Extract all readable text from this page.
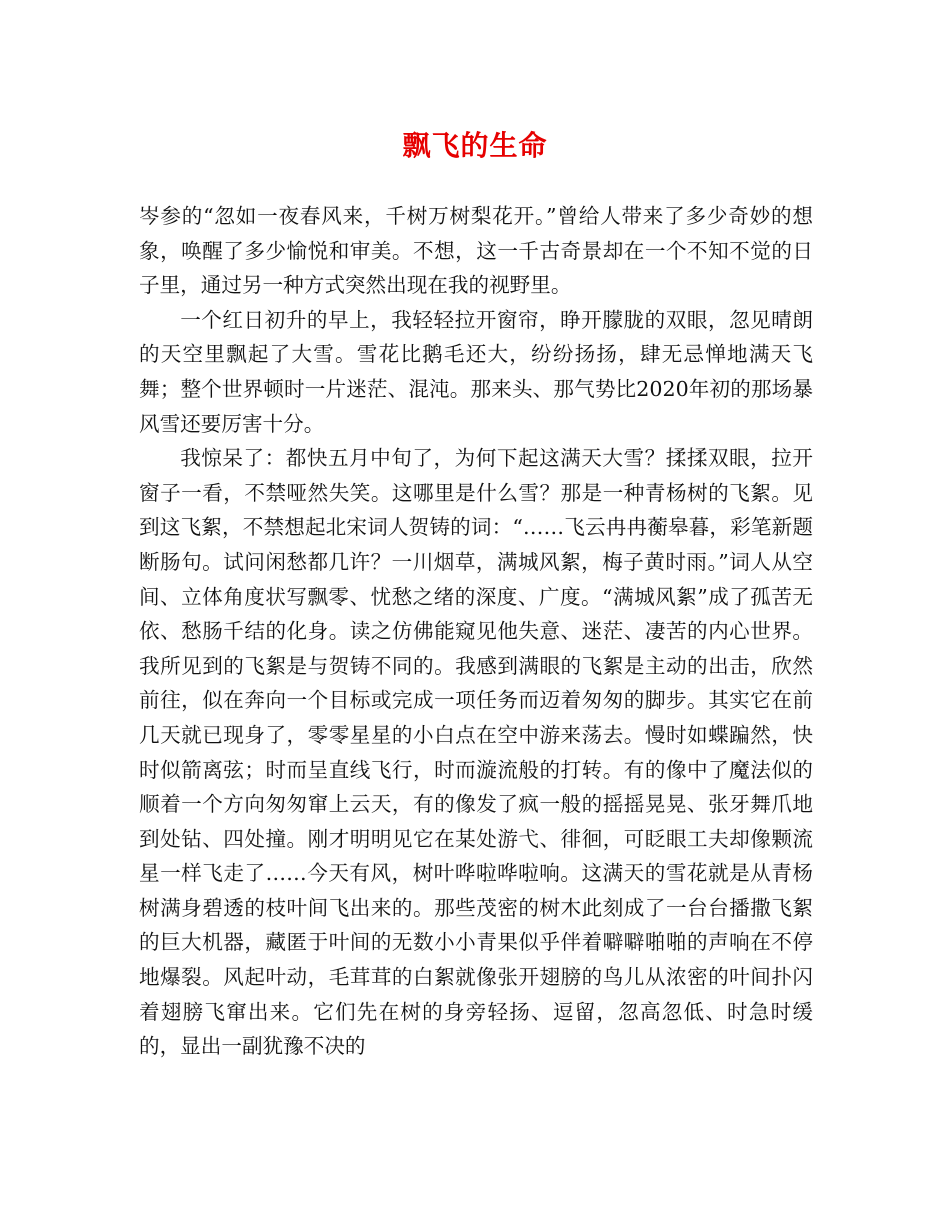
飘飞的生命

岑参的“忽如一夜春风来，千树万树梨花开。”曾给人带来了多少奇妙的想象，唤醒了多少愉悦和审美。不想，这一千古奇景却在一个不知不觉的日子里，通过另一种方式突然出现在我的视野里。

一个红日初升的早上，我轻轻拉开窗帘，睁开朦胧的双眼，忽见晴朗的天空里飘起了大雪。雪花比鹅毛还大，纷纷扬扬，肆无忌惮地满天飞舞；整个世界顿时一片迷茫、混沌。那来头、那气势比2020年初的那场暴风雪还要厉害十分。

我惊呆了：都快五月中旬了，为何下起这满天大雪？揉揉双眼，拉开窗子一看，不禁哑然失笑。这哪里是什么雪？那是一种青杨树的飞絮。见到这飞絮，不禁想起北宋词人贺铸的词：“……飞云冉冉蘅皋暮，彩笔新题断肠句。试问闲愁都几许？一川烟草，满城风絮，梅子黄时雨。”词人从空间、立体角度状写飘零、忧愁之绪的深度、广度。“满城风絮”成了孤苦无依、愁肠千结的化身。读之仿佛能窥见他失意、迷茫、凄苦的内心世界。我所见到的飞絮是与贺铸不同的。我感到满眼的飞絮是主动的出击，欣然前往，似在奔向一个目标或完成一项任务而迈着匆匆的脚步。其实它在前几天就已现身了，零零星星的小白点在空中游来荡去。慢时如蝶蹁然，快时似箭离弦；时而呈直线飞行，时而漩流般的打转。有的像中了魔法似的顺着一个方向匆匆窜上云天，有的像发了疯一般的摇摇晃晃、张牙舞爪地到处钻、四处撞。刚才明明见它在某处游弋、徘徊，可眨眼工夫却像颗流星一样飞走了……今天有风，树叶哗啦哗啦响。这满天的雪花就是从青杨树满身碧透的枝叶间飞出来的。那些茂密的树木此刻成了一台台播撒飞絮的巨大机器，藏匿于叶间的无数小小青果似乎伴着噼噼啪啪的声响在不停地爆裂。风起叶动，毛茸茸的白絮就像张开翅膀的鸟儿从浓密的叶间扑闪着翅膀飞窜出来。它们先在树的身旁轻扬、逗留，忽高忽低、时急时缓的，显出一副犹豫不决的
